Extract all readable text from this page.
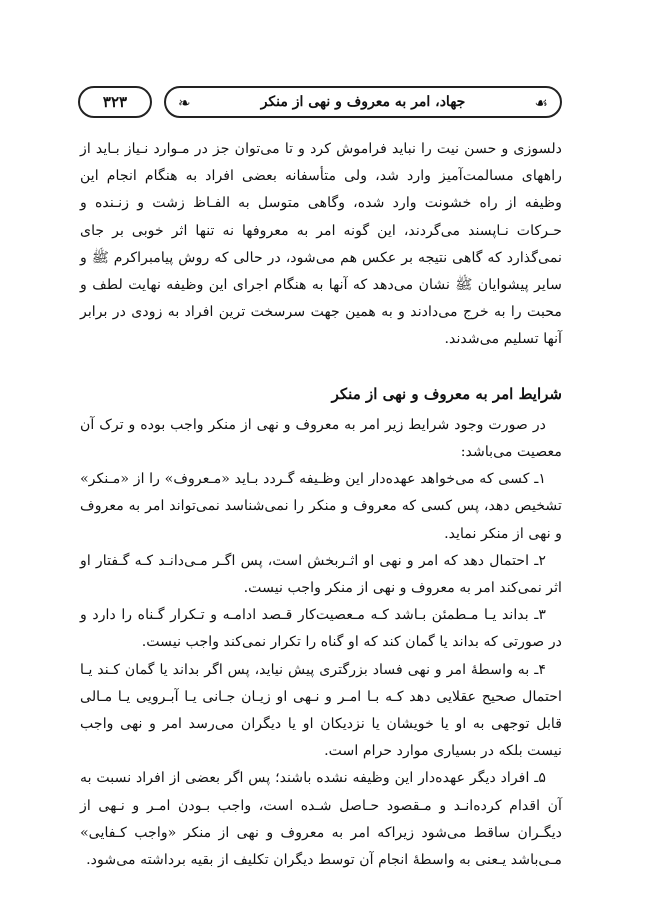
☙
جهاد، امر به معروف و نهی از منکر
❧
۳۲۳

دلسوزی و حسن نیت را نباید فراموش کرد و تا می‌توان جز در مـوارد نـیاز بـاید از راههای مسالمت‌آمیز وارد شد، ولی متأسفانه بعضی افراد به هنگام انجام این وظیفه از راه خشونت وارد شده، وگاهی متوسل به الفـاظ زشت و زنـنده و حـرکات نـاپسند می‌گردند، این گونه امر به معروفها نه تنها اثر خوبی بر جای نمی‌گذارد که گاهی نتیجه بر عکس هم می‌شود، در حالی که روش پیامبراکرم ﷺ و سایر پیشوایان ﷺ نشان می‌دهد که آنها به هنگام اجرای این وظیفه نهایت لطف و محبت را به خرج می‌دادند و به همین جهت سرسخت ترین افراد به زودی در برابر آنها تسلیم می‌شدند.

شرایط امر به معروف و نهی از منکر

در صورت وجود شرایط زیر امر به معروف و نهی از منکر واجب بوده و ترک آن معصیت می‌باشد:

۱ـ کسی که می‌خواهد عهده‌دار این وظـیفه گـردد بـاید «مـعروف» را از «مـنکر» تشخیص دهد، پس کسی که معروف و منکر را نمی‌شناسد نمی‌تواند امر به معروف و نهی از منکر نماید.

۲ـ احتمال دهد که امر و نهی او اثـربخش است، پس اگـر مـی‌دانـد کـه گـفتار او اثر نمی‌کند امر به معروف و نهی از منکر واجب نیست.

۳ـ بداند یـا مـطمئن بـاشد کـه مـعصیت‌کار قـصد ادامـه و تـکرار گـناه را دارد و در صورتی که بداند یا گمان کند که او گناه را تکرار نمی‌کند واجب نیست.

۴ـ به واسطهٔ امر و نهی فساد بزرگتری پیش نیاید، پس اگر بداند یا گمان کـند یـا احتمال صحیح عقلایی دهد کـه بـا امـر و نـهی او زیـان جـانی یـا آبـرویی یـا مـالی قابل توجهی به او یا خویشان یا نزدیکان او یا دیگران می‌رسد امر و نهی واجب نیست بلکه در بسیاری موارد حرام است.

۵ـ افراد دیگر عهده‌دار این وظیفه نشده باشند؛ پس اگر بعضی از افراد نسبت به آن اقدام کرده‌انـد و مـقصود حـاصل شـده است، واجب بـودن امـر و نـهی از دیگـران ساقط می‌شود زیراکه امر به معروف و نهی از منکر «واجب کـفایی» مـی‌باشد یـعنی به واسطهٔ انجام آن توسط دیگران تکلیف از بقیه برداشته می‌شود.
